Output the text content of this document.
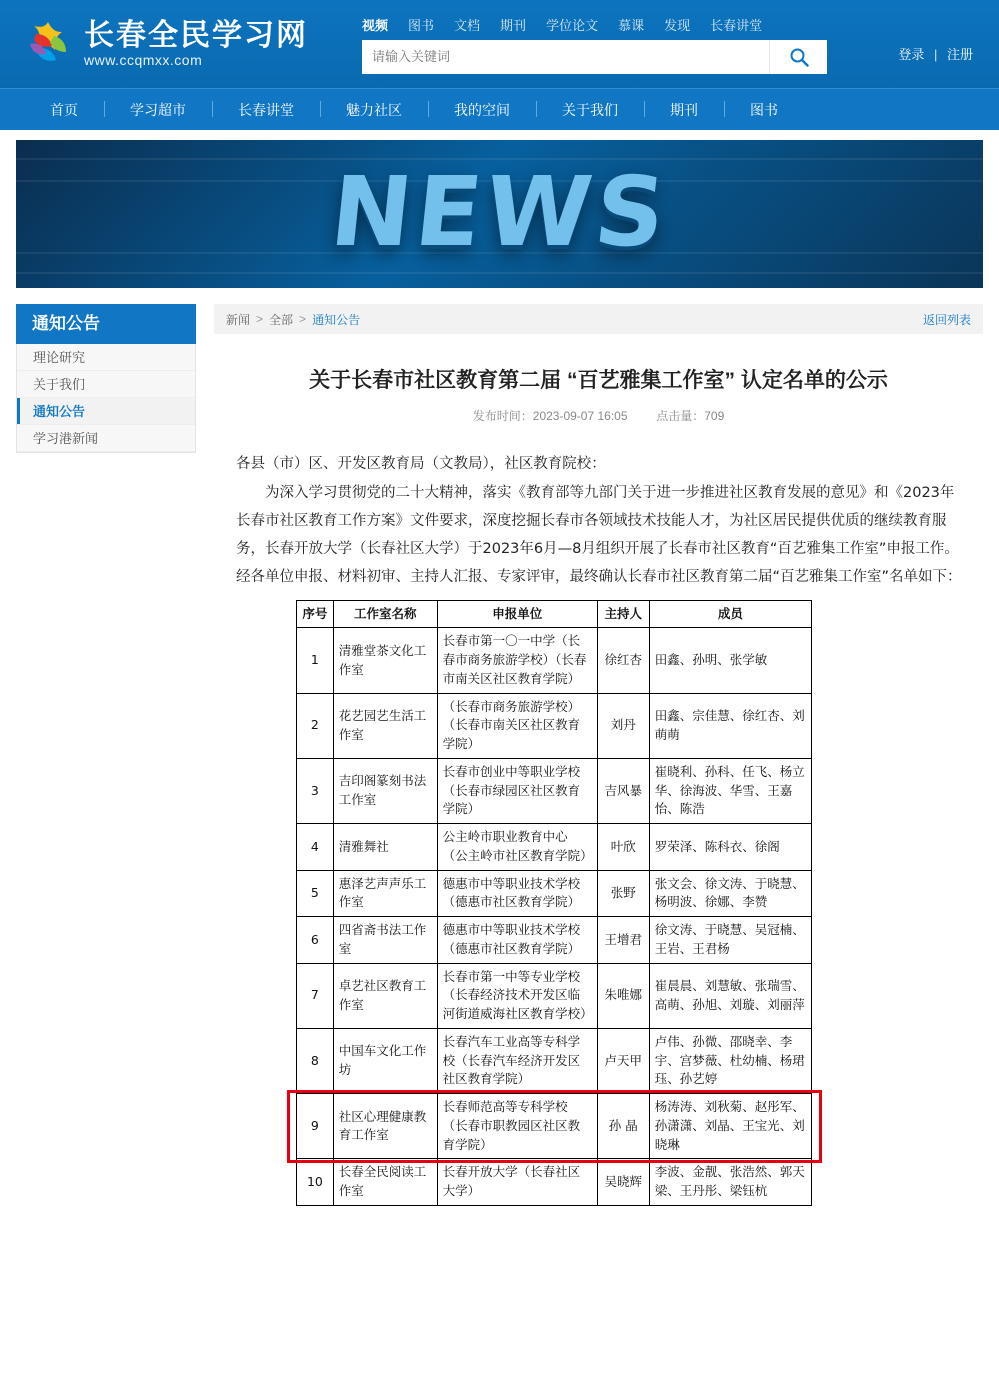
长春全民学习网
www.ccqmxx.com
视频 图书 文档 期刊 学位论文 慕课 发现 长春讲堂
请输入关键词
登录 | 注册
首页	学习超市	长春讲堂	魅力社区	我的空间	关于我们	期刊	图书
NEWS
通知公告
理论研究
关于我们
通知公告
学习港新闻
新闻 > 全部 > 通知公告	返回列表
关于长春市社区教育第二届 “百艺雅集工作室” 认定名单的公示
发布时间：2023-09-07 16:05 点击量：709

各县（市）区、开发区教育局（文教局），社区教育院校：

为深入学习贯彻党的二十大精神，落实《教育部等九部门关于进一步推进社区教育发展的意见》和《2023年长春市社区教育工作方案》文件要求，深度挖掘长春市各领域技术技能人才，为社区居民提供优质的继续教育服务，长春开放大学（长春社区大学）于2023年6月—8月组织开展了长春市社区教育“百艺雅集工作室”申报工作。经各单位申报、材料初审、主持人汇报、专家评审，最终确认长春市社区教育第二届“百艺雅集工作室”名单如下：

序号	工作室名称	申报单位	主持人	成员
1	清雅堂茶文化工作室	长春市第一〇一中学（长春市商务旅游学校）（长春市南关区社区教育学院）	徐红杏	田鑫、孙明、张学敏
2	花艺园艺生活工作室	（长春市商务旅游学校）（长春市南关区社区教育学院）	刘丹	田鑫、宗佳慧、徐红杏、刘萌萌
3	吉印阁篆刻书法工作室	长春市创业中等职业学校（长春市绿园区社区教育学院）	吉风暴	崔晓利、孙科、任飞、杨立华、徐海波、华雪、王嘉怡、陈浩
4	清雅舞社	公主岭市职业教育中心（公主岭市社区教育学院）	叶欣	罗荣泽、陈科衣、徐阁
5	惠泽艺声声乐工作室	德惠市中等职业技术学校（德惠市社区教育学院）	张野	张文会、徐文涛、于晓慧、杨明波、徐娜、李赞
6	四省斋书法工作室	德惠市中等职业技术学校（德惠市社区教育学院）	王增君	徐文涛、于晓慧、吴冠楠、王岩、王君杨
7	卓艺社区教育工作室	长春市第一中等专业学校（长春经济技术开发区临河街道威海社区教育学校）	朱唯娜	崔晨晨、刘慧敏、张瑞雪、高萌、孙旭、刘璇、刘丽萍
8	中国车文化工作坊	长春汽车工业高等专科学校（长春汽车经济开发区社区教育学院）	卢天甲	卢伟、孙微、邵晓幸、李宇、宫梦薇、杜幼楠、杨珺珏、孙艺婷
9	社区心理健康教育工作室	长春师范高等专科学校（长春市职教园区社区教育学院）	孙 晶	杨涛涛、刘秋菊、赵彤军、孙潇潇、刘晶、王宝光、刘晓琳
10	长春全民阅读工作室	长春开放大学（长春社区大学）	吴晓辉	李波、金靓、张浩然、郭天梁、王丹彤、梁钰杭
